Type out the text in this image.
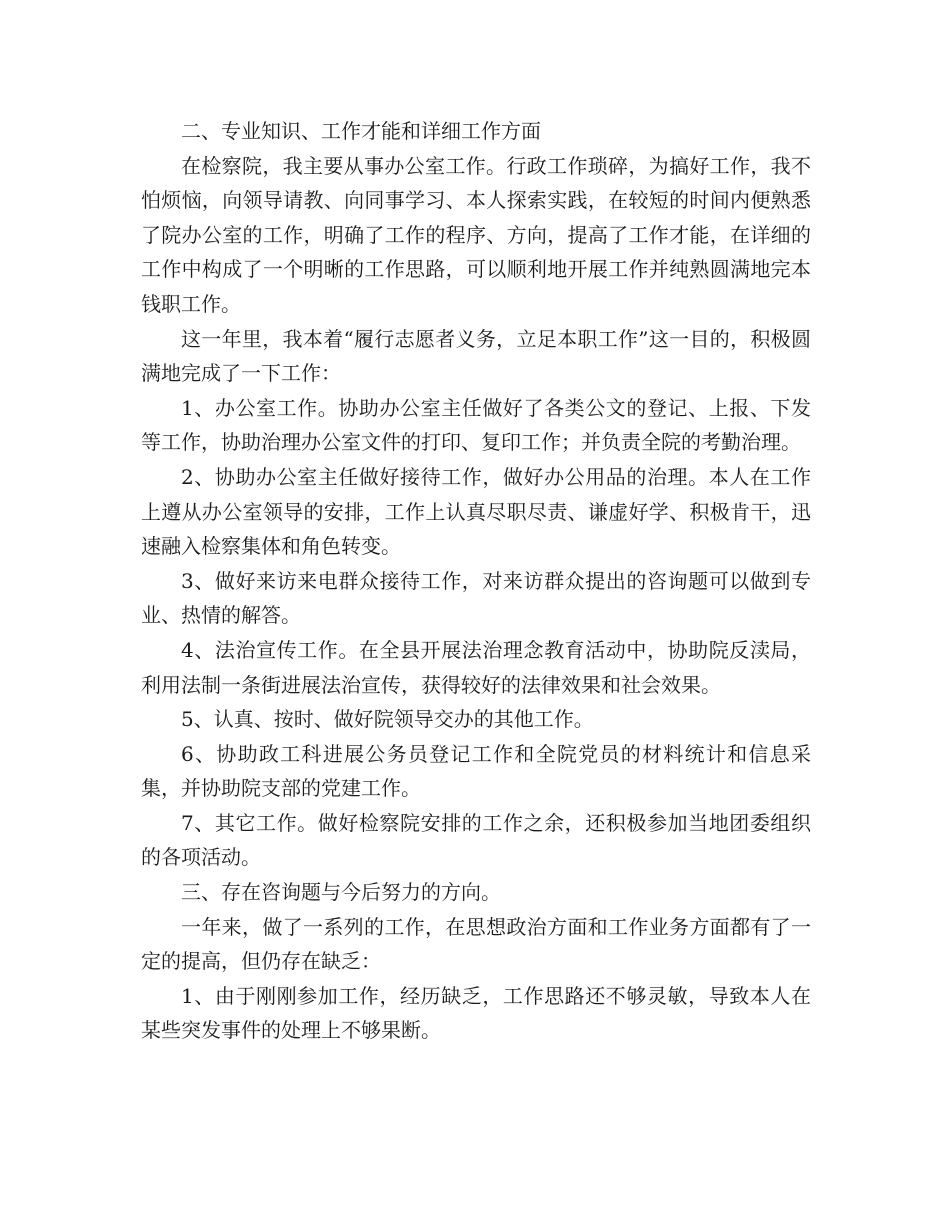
二、专业知识、工作才能和详细工作方面

在检察院，我主要从事办公室工作。行政工作琐碎，为搞好工作，我不怕烦恼，向领导请教、向同事学习、本人探索实践，在较短的时间内便熟悉了院办公室的工作，明确了工作的程序、方向，提高了工作才能，在详细的工作中构成了一个明晰的工作思路，可以顺利地开展工作并纯熟圆满地完本钱职工作。

这一年里，我本着“履行志愿者义务，立足本职工作”这一目的，积极圆满地完成了一下工作：

1、办公室工作。协助办公室主任做好了各类公文的登记、上报、下发等工作，协助治理办公室文件的打印、复印工作；并负责全院的考勤治理。

2、协助办公室主任做好接待工作，做好办公用品的治理。本人在工作上遵从办公室领导的安排，工作上认真尽职尽责、谦虚好学、积极肯干，迅速融入检察集体和角色转变。

3、做好来访来电群众接待工作，对来访群众提出的咨询题可以做到专业、热情的解答。

4、法治宣传工作。在全县开展法治理念教育活动中，协助院反渎局，利用法制一条街进展法治宣传，获得较好的法律效果和社会效果。

5、认真、按时、做好院领导交办的其他工作。

6、协助政工科进展公务员登记工作和全院党员的材料统计和信息采集，并协助院支部的党建工作。

7、其它工作。做好检察院安排的工作之余，还积极参加当地团委组织的各项活动。

三、存在咨询题与今后努力的方向。

一年来，做了一系列的工作，在思想政治方面和工作业务方面都有了一定的提高，但仍存在缺乏：

1、由于刚刚参加工作，经历缺乏，工作思路还不够灵敏，导致本人在某些突发事件的处理上不够果断。
